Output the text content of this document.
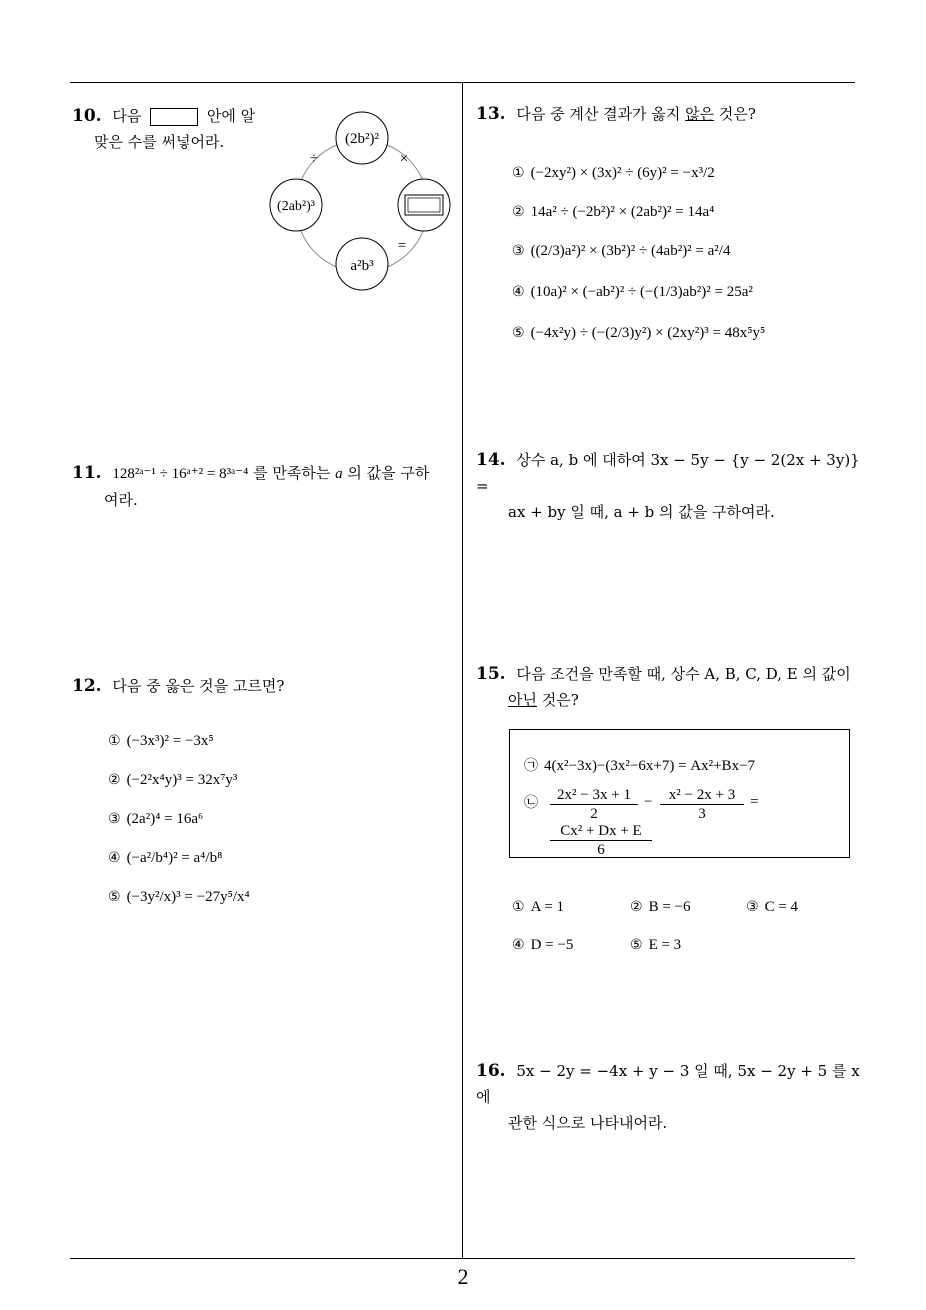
10. 다음	안에 알
맞은 수를 써넣어라.	(2b²)²
(2ab²)³
a²b³
÷	×
=
11. 128²ᵃ⁻¹ ÷ 16ᵃ⁺² = 8³ᵃ⁻⁴ 를 만족하는 a 의 값을 구하
여라.
12. 다음 중 옳은 것을 고르면?
① (−3x³)² = −3x⁵
② (−2²x⁴y)³ = 32x⁷y³
③ (2a²)⁴ = 16a⁶
④ (−a²/b⁴)² = a⁴/b⁸
⑤ (−3y²/x)³ = −27y⁵/x⁴
13. 다음 중 계산 결과가 옳지 않은 것은?
① (−2xy²) × (3x)² ÷ (6y)² = −x³/2
② 14a² ÷ (−2b²)² × (2ab²)² = 14a⁴
③ ((2/3)a²)² × (3b²)² ÷ (4ab²)² = a²/4
④ (10a)² × (−ab²)² ÷ (−(1/3)ab²)² = 25a²
⑤ (−4x²y) ÷ (−(2/3)y²) × (2xy²)³ = 48x⁵y⁵
14. 상수 a, b 에 대하여 3x − 5y − {y − 2(2x + 3y)} =
ax + by 일 때, a + b 의 값을 구하여라.
15. 다음 조건을 만족할 때, 상수 A, B, C, D, E 의 값이
아닌 것은?
㉠ 4(x²−3x)−(3x²−6x+7) = Ax²+Bx−7
㉡ $\frac{\text{2x² − 3x + 1}}{2} - \frac{\text{x² − 2x + 3}}{3}$ =
$\frac{\text{Cx² + Dx + E}}{6}$
① A = 1	② B = −6	③ C = 4
④ D = −5	⑤ E = 3
16. 5x − 2y = −4x + y − 3 일 때, 5x − 2y + 5 를 x 에
관한 식으로 나타내어라.
2
